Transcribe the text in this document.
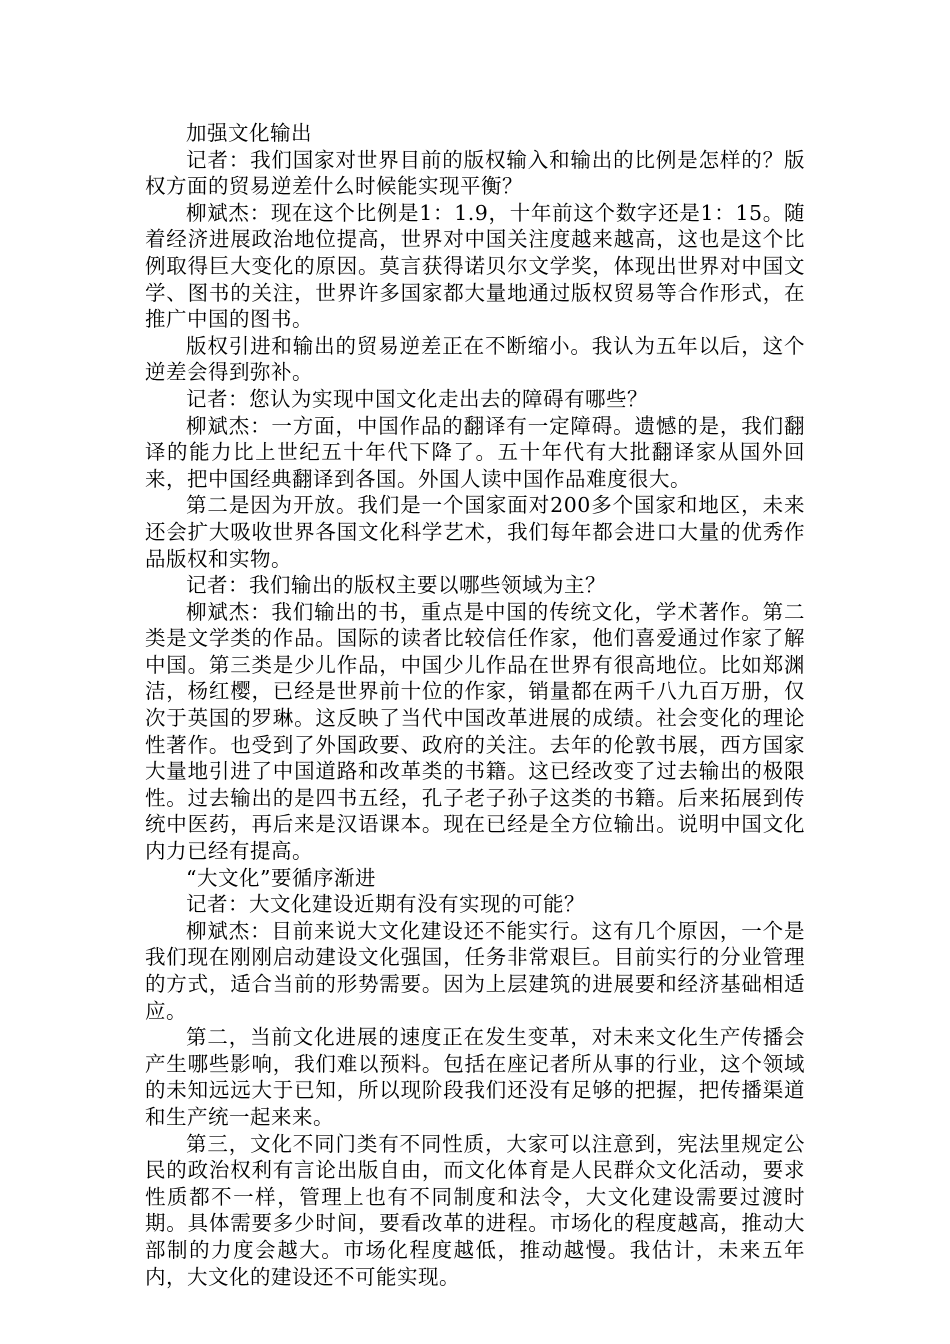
加强文化输出

记者：我们国家对世界目前的版权输入和输出的比例是怎样的？版权方面的贸易逆差什么时候能实现平衡？

柳斌杰：现在这个比例是1：1.9，十年前这个数字还是1：15。随着经济进展政治地位提高，世界对中国关注度越来越高，这也是这个比例取得巨大变化的原因。莫言获得诺贝尔文学奖，体现出世界对中国文学、图书的关注，世界许多国家都大量地通过版权贸易等合作形式，在推广中国的图书。

版权引进和输出的贸易逆差正在不断缩小。我认为五年以后，这个逆差会得到弥补。

记者：您认为实现中国文化走出去的障碍有哪些？

柳斌杰：一方面，中国作品的翻译有一定障碍。遗憾的是，我们翻译的能力比上世纪五十年代下降了。五十年代有大批翻译家从国外回来，把中国经典翻译到各国。外国人读中国作品难度很大。

第二是因为开放。我们是一个国家面对200多个国家和地区，未来还会扩大吸收世界各国文化科学艺术，我们每年都会进口大量的优秀作品版权和实物。

记者：我们输出的版权主要以哪些领域为主？

柳斌杰：我们输出的书，重点是中国的传统文化，学术著作。第二类是文学类的作品。国际的读者比较信任作家，他们喜爱通过作家了解中国。第三类是少儿作品，中国少儿作品在世界有很高地位。比如郑渊洁，杨红樱，已经是世界前十位的作家，销量都在两千八九百万册，仅次于英国的罗琳。这反映了当代中国改革进展的成绩。社会变化的理论性著作。也受到了外国政要、政府的关注。去年的伦敦书展，西方国家大量地引进了中国道路和改革类的书籍。这已经改变了过去输出的极限性。过去输出的是四书五经，孔子老子孙子这类的书籍。后来拓展到传统中医药，再后来是汉语课本。现在已经是全方位输出。说明中国文化内力已经有提高。

“大文化”要循序渐进

记者：大文化建设近期有没有实现的可能？

柳斌杰：目前来说大文化建设还不能实行。这有几个原因，一个是我们现在刚刚启动建设文化强国，任务非常艰巨。目前实行的分业管理的方式，适合当前的形势需要。因为上层建筑的进展要和经济基础相适应。

第二，当前文化进展的速度正在发生变革，对未来文化生产传播会产生哪些影响，我们难以预料。包括在座记者所从事的行业，这个领域的未知远远大于已知，所以现阶段我们还没有足够的把握，把传播渠道和生产统一起来来。

第三，文化不同门类有不同性质，大家可以注意到，宪法里规定公民的政治权利有言论出版自由，而文化体育是人民群众文化活动，要求性质都不一样，管理上也有不同制度和法令，大文化建设需要过渡时期。具体需要多少时间，要看改革的进程。市场化的程度越高，推动大部制的力度会越大。市场化程度越低，推动越慢。我估计，未来五年内，大文化的建设还不可能实现。
